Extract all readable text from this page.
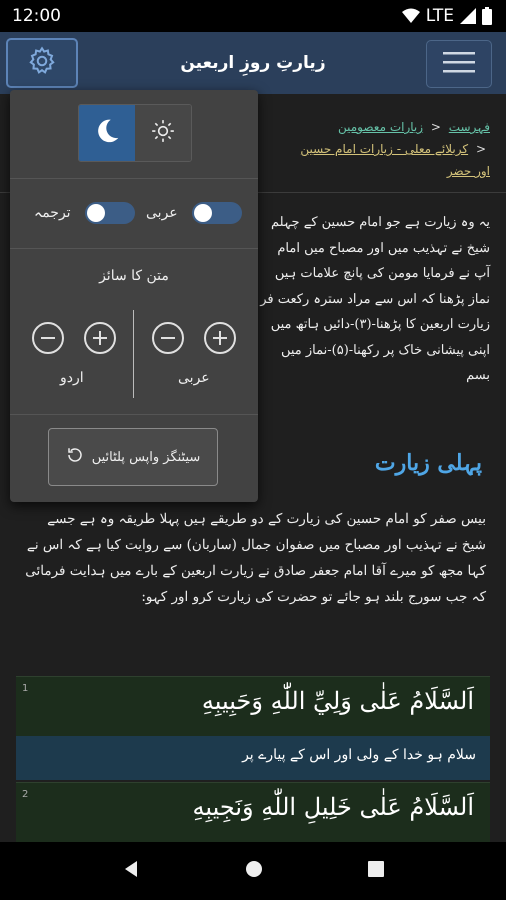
12:00	LTE
زیارتِ روزِ اربعین
فہرست < زیارات معصومین
< کربلائے معلی - زیارات امام حسین اور حضر
یہ وہ زیارت ہے جو امام حسین کے چہلم شیخ نے تہذیب میں اور مصباح میں امام آپ نے فرمایا مومن کی پانچ علامات ہیں نماز پڑھنا کہ اس سے مراد سترہ رکعت فر زیارت اربعین کا پڑھنا-(۳)-دائیں ہاتھ میں اپنی پیشانی خاک پر رکھنا-(۵)-نماز میں بسم
پہلی زیارت
بیس صفر کو امام حسین کی زیارت کے دو طریقے ہیں پہلا طریقہ وہ ہے جسے شیخ نے تہذیب اور مصباح میں صفوان جمال (ساربان) سے روایت کیا ہے کہ اس نے کہا مجھ کو میرے آقا امام جعفر صادق نے زیارت اربعین کے بارے میں ہدایت فرمائی کہ جب سورج بلند ہو جائے تو حضرت کی زیارت کرو اور کہو:
1	اَلسَّلَامُ عَلٰى وَلِيِّ اللّٰهِ وَحَبِيبِهِ
سلام ہو خدا کے ولی اور اس کے پیارے پر
2	اَلسَّلَامُ عَلٰى خَلِيلِ اللّٰهِ وَنَجِيبِهِ
ترجمہ	عربی
متن کا سائز
اردو	عربی
سیٹنگز واپس پلٹائیں
